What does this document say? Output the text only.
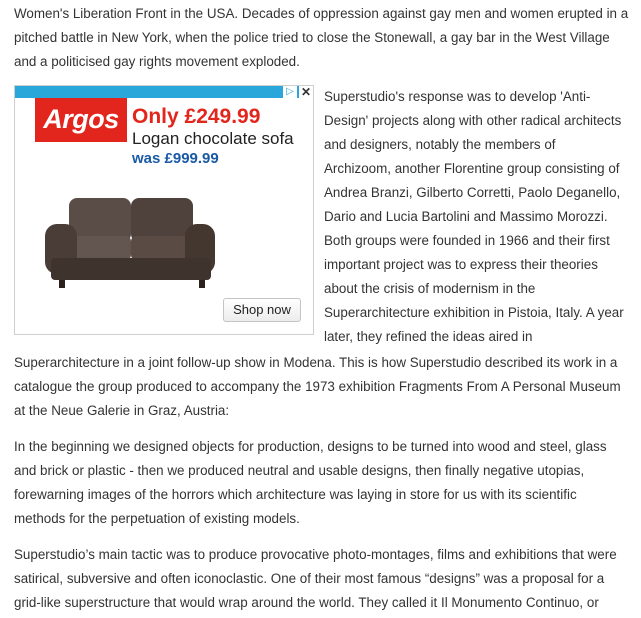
Women's Liberation Front in the USA. Decades of oppression against gay men and women erupted in a pitched battle in New York, when the police tried to close the Stonewall, a gay bar in the West Village and a politicised gay rights movement exploded.

▷ ✕
Argos Only £249.99
Logan chocolate sofa
was £999.99
Shop now

Superstudio's response was to develop 'Anti-Design' projects along with other radical architects and designers, notably the members of Archizoom, another Florentine group consisting of Andrea Branzi, Gilberto Corretti, Paolo Deganello, Dario and Lucia Bartolini and Massimo Morozzi. Both groups were founded in 1966 and their first important project was to express their theories about the crisis of modernism in the Superarchitecture exhibition in Pistoia, Italy. A year later, they refined the ideas aired in

Superarchitecture in a joint follow-up show in Modena. This is how Superstudio described its work in a catalogue the group produced to accompany the 1973 exhibition Fragments From A Personal Museum at the Neue Galerie in Graz, Austria:

In the beginning we designed objects for production, designs to be turned into wood and steel, glass and brick or plastic - then we produced neutral and usable designs, then finally negative utopias, forewarning images of the horrors which architecture was laying in store for us with its scientific methods for the perpetuation of existing models.

Superstudio’s main tactic was to produce provocative photo-montages, films and exhibitions that were satirical, subversive and often iconoclastic. One of their most famous “designs” was a proposal for a grid-like superstructure that would wrap around the world. They called it Il Monumento Continuo, or
